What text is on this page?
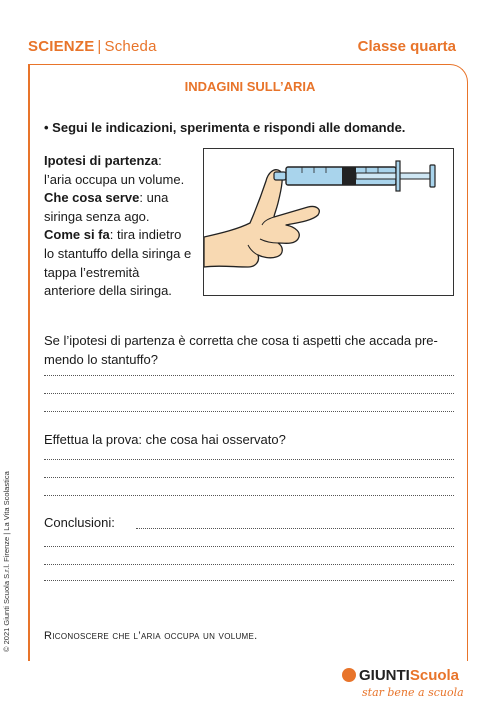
SCIENZE | Scheda	Classe quarta
INDAGINI SULL’ARIA
• Segui le indicazioni, sperimenta e rispondi alle domande.
Ipotesi di partenza:
l’aria occupa un volume.
Che cosa serve: una siringa senza ago.
Come si fa: tira indietro lo stantuffo della siringa e tappa l’estremità anteriore della siringa.
Se l’ipotesi di partenza è corretta che cosa ti aspetti che accada pre-mendo lo stantuffo?
Effettua la prova: che cosa hai osservato?
Conclusioni:
Riconoscere che l’aria occupa un volume.
© 2021 Giunti Scuola S.r.l. Firenze | La Vita Scolastica
GIUNTIScuola
star bene a scuola
